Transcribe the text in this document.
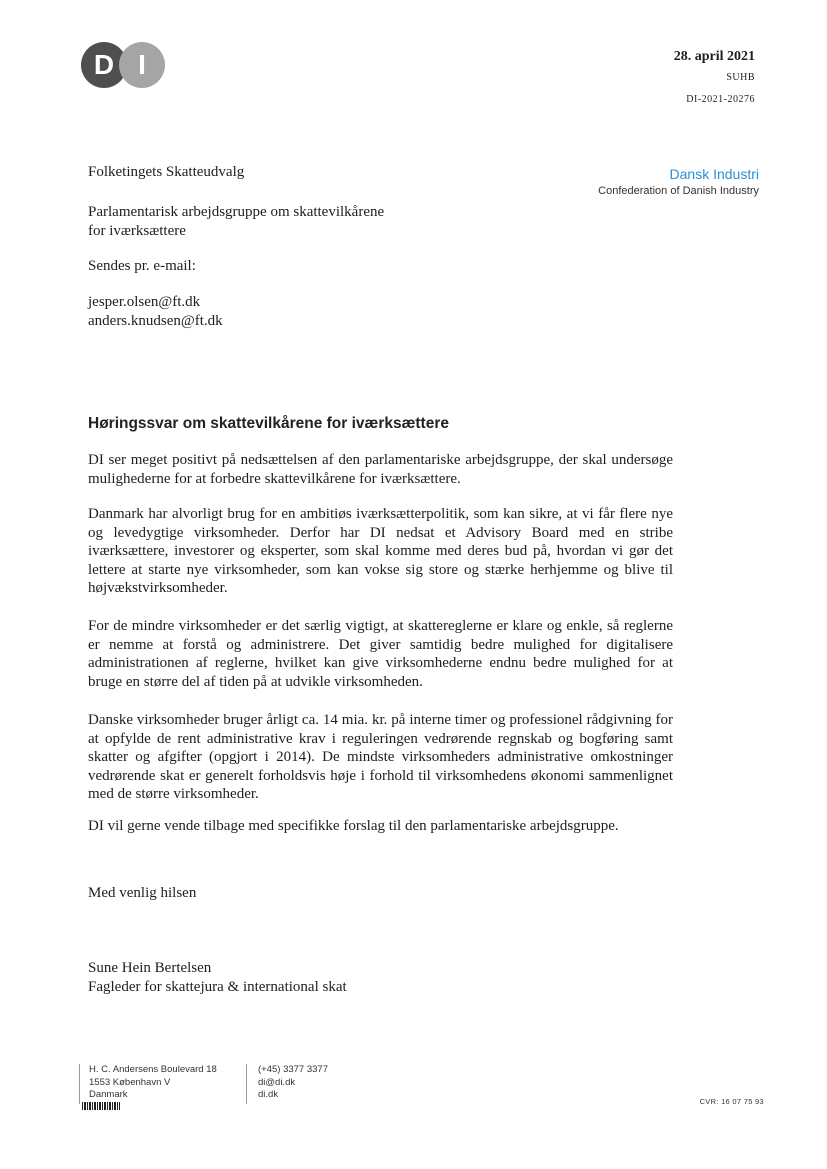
D I	28. april 2021
SUHB
DI-2021-20276
Dansk Industri
Confederation of Danish Industry
Folketingets Skatteudvalg
Parlamentarisk arbejdsgruppe om skattevilkårene for iværksættere
Sendes pr. e-mail:
jesper.olsen@ft.dk
anders.knudsen@ft.dk
Høringssvar om skattevilkårene for iværksættere
DI ser meget positivt på nedsættelsen af den parlamentariske arbejdsgruppe, der skal undersøge mulighederne for at forbedre skattevilkårene for iværksættere.
Danmark har alvorligt brug for en ambitiøs iværksætterpolitik, som kan sikre, at vi får flere nye og levedygtige virksomheder. Derfor har DI nedsat et Advisory Board med en stribe iværksættere, investorer og eksperter, som skal komme med deres bud på, hvordan vi gør det lettere at starte nye virksomheder, som kan vokse sig store og stærke herhjemme og blive til højvækstvirksomheder.
For de mindre virksomheder er det særlig vigtigt, at skattereglerne er klare og enkle, så reglerne er nemme at forstå og administrere. Det giver samtidig bedre mulighed for digitalisere administrationen af reglerne, hvilket kan give virksomhederne endnu bedre mulighed for at bruge en større del af tiden på at udvikle virksomheden.
Danske virksomheder bruger årligt ca. 14 mia. kr. på interne timer og professionel rådgivning for at opfylde de rent administrative krav i reguleringen vedrørende regnskab og bogføring samt skatter og afgifter (opgjort i 2014). De mindste virksomheders administrative omkostninger vedrørende skat er generelt forholdsvis høje i forhold til virksomhedens økonomi sammenlignet med de større virksomheder.
DI vil gerne vende tilbage med specifikke forslag til den parlamentariske arbejdsgruppe.
Med venlig hilsen
Sune Hein Bertelsen
Fagleder for skattejura & international skat
H. C. Andersens Boulevard 18
1553 København V
Danmark
(+45) 3377 3377
di@di.dk
di.dk
CVR: 16 07 75 93
